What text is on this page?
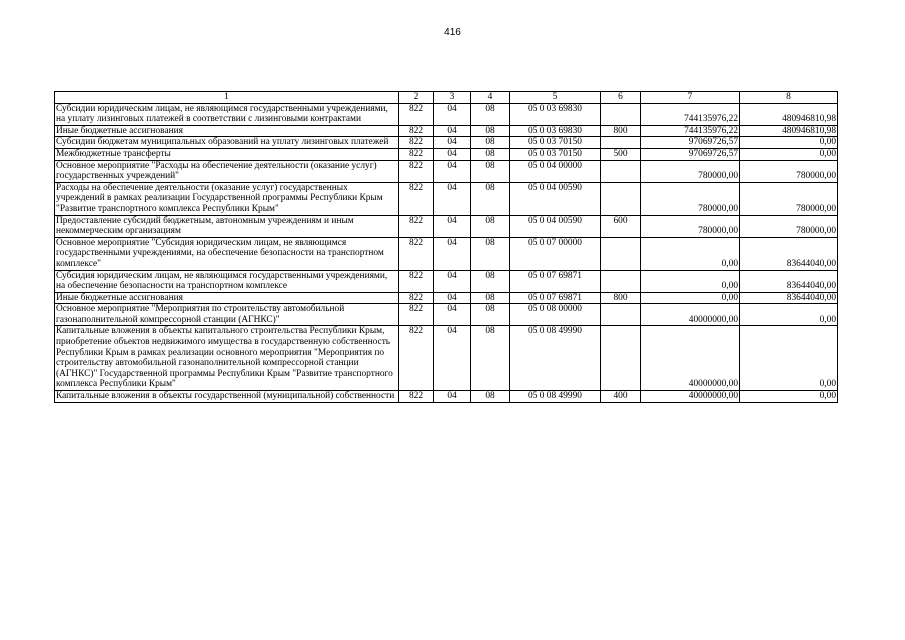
416
1	2	3	4	5	6	7	8
Субсидии юридическим лицам, не являющимся государственными учреждениями, на уплату лизинговых платежей в соответствии с лизинговыми контрактами	822	04	08	05 0 03 69830		744135976,22	480946810,98
Иные бюджетные ассигнования	822	04	08	05 0 03 69830	800	744135976,22	480946810,98
Субсидии бюджетам муниципальных образований на уплату лизинговых платежей	822	04	08	05 0 03 70150		97069726,57	0,00
Межбюджетные трансферты	822	04	08	05 0 03 70150	500	97069726,57	0,00
Основное мероприятие "Расходы на обеспечение деятельности (оказание услуг) государственных учреждений"	822	04	08	05 0 04 00000		780000,00	780000,00
Расходы на обеспечение деятельности (оказание услуг) государственных учреждений в рамках реализации Государственной программы Республики Крым "Развитие транспортного комплекса Республики Крым"	822	04	08	05 0 04 00590		780000,00	780000,00
Предоставление субсидий бюджетным, автономным учреждениям и иным некоммерческим организациям	822	04	08	05 0 04 00590	600	780000,00	780000,00
Основное мероприятие "Субсидия юридическим лицам, не являющимся государственными учреждениями, на обеспечение безопасности на транспортном комплексе"	822	04	08	05 0 07 00000		0,00	83644040,00
Субсидия юридическим лицам, не являющимся государственными учреждениями, на обеспечение безопасности на транспортном комплексе	822	04	08	05 0 07 69871		0,00	83644040,00
Иные бюджетные ассигнования	822	04	08	05 0 07 69871	800	0,00	83644040,00
Основное мероприятие "Мероприятия по строительству автомобильной газонаполнительной компрессорной станции (АГНКС)"	822	04	08	05 0 08 00000		40000000,00	0,00
Капитальные вложения в объекты капитального строительства Республики Крым, приобретение объектов недвижимого имущества в государственную собственность Республики Крым в рамках реализации основного мероприятия "Мероприятия по строительству автомобильной газонаполнительной компрессорной станции (АГНКС)" Государственной программы Республики Крым "Развитие транспортного комплекса Республики Крым"	822	04	08	05 0 08 49990		40000000,00	0,00
Капитальные вложения в объекты государственной (муниципальной) собственности	822	04	08	05 0 08 49990	400	40000000,00	0,00
